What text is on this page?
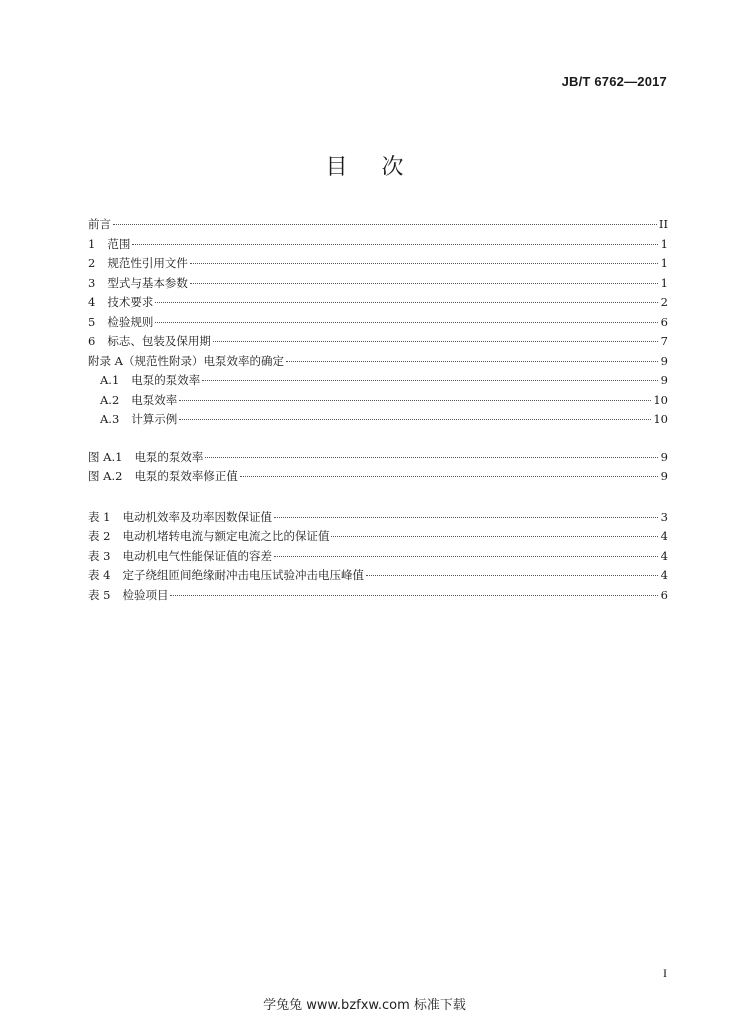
JB/T 6762—2017
目次
前言	II
1 范围	1
2 规范性引用文件	1
3 型式与基本参数	1
4 技术要求	2
5 检验规则	6
6 标志、包装及保用期	7
附录 A（规范性附录）电泵效率的确定	9
A.1 电泵的泵效率	9
A.2 电泵效率	10
A.3 计算示例	10
图 A.1 电泵的泵效率	9
图 A.2 电泵的泵效率修正值	9
表 1 电动机效率及功率因数保证值	3
表 2 电动机堵转电流与额定电流之比的保证值	4
表 3 电动机电气性能保证值的容差	4
表 4 定子绕组匝间绝缘耐冲击电压试验冲击电压峰值	4
表 5 检验项目	6
I
学兔兔 www.bzfxw.com 标准下载
